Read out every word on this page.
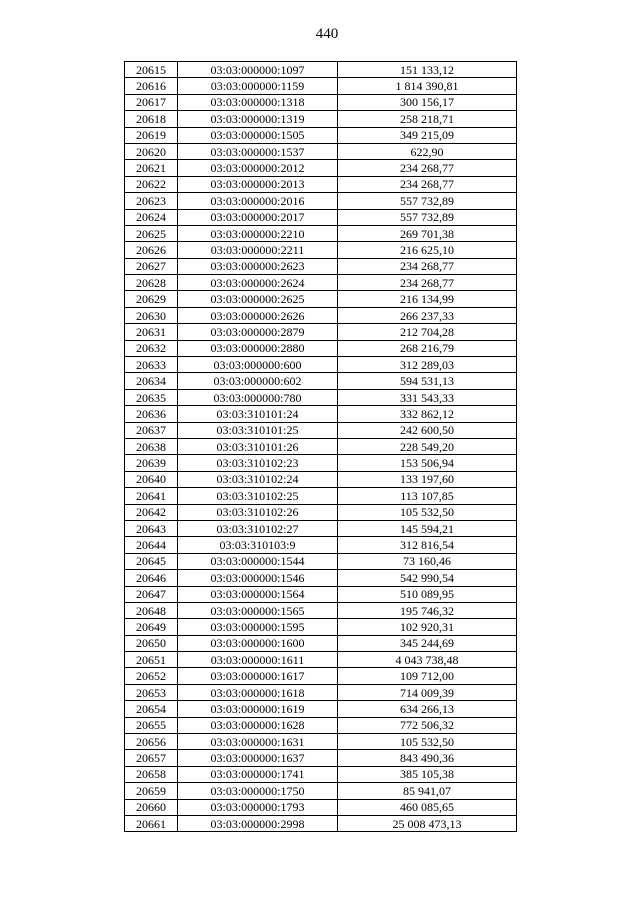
440
20615	03:03:000000:1097	151 133,12
20616	03:03:000000:1159	1 814 390,81
20617	03:03:000000:1318	300 156,17
20618	03:03:000000:1319	258 218,71
20619	03:03:000000:1505	349 215,09
20620	03:03:000000:1537	622,90
20621	03:03:000000:2012	234 268,77
20622	03:03:000000:2013	234 268,77
20623	03:03:000000:2016	557 732,89
20624	03:03:000000:2017	557 732,89
20625	03:03:000000:2210	269 701,38
20626	03:03:000000:2211	216 625,10
20627	03:03:000000:2623	234 268,77
20628	03:03:000000:2624	234 268,77
20629	03:03:000000:2625	216 134,99
20630	03:03:000000:2626	266 237,33
20631	03:03:000000:2879	212 704,28
20632	03:03:000000:2880	268 216,79
20633	03:03:000000:600	312 289,03
20634	03:03:000000:602	594 531,13
20635	03:03:000000:780	331 543,33
20636	03:03:310101:24	332 862,12
20637	03:03:310101:25	242 600,50
20638	03:03:310101:26	228 549,20
20639	03:03:310102:23	153 506,94
20640	03:03:310102:24	133 197,60
20641	03:03:310102:25	113 107,85
20642	03:03:310102:26	105 532,50
20643	03:03:310102:27	145 594,21
20644	03:03:310103:9	312 816,54
20645	03:03:000000:1544	73 160,46
20646	03:03:000000:1546	542 990,54
20647	03:03:000000:1564	510 089,95
20648	03:03:000000:1565	195 746,32
20649	03:03:000000:1595	102 920,31
20650	03:03:000000:1600	345 244,69
20651	03:03:000000:1611	4 043 738,48
20652	03:03:000000:1617	109 712,00
20653	03:03:000000:1618	714 009,39
20654	03:03:000000:1619	634 266,13
20655	03:03:000000:1628	772 506,32
20656	03:03:000000:1631	105 532,50
20657	03:03:000000:1637	843 490,36
20658	03:03:000000:1741	385 105,38
20659	03:03:000000:1750	85 941,07
20660	03:03:000000:1793	460 085,65
20661	03:03:000000:2998	25 008 473,13
